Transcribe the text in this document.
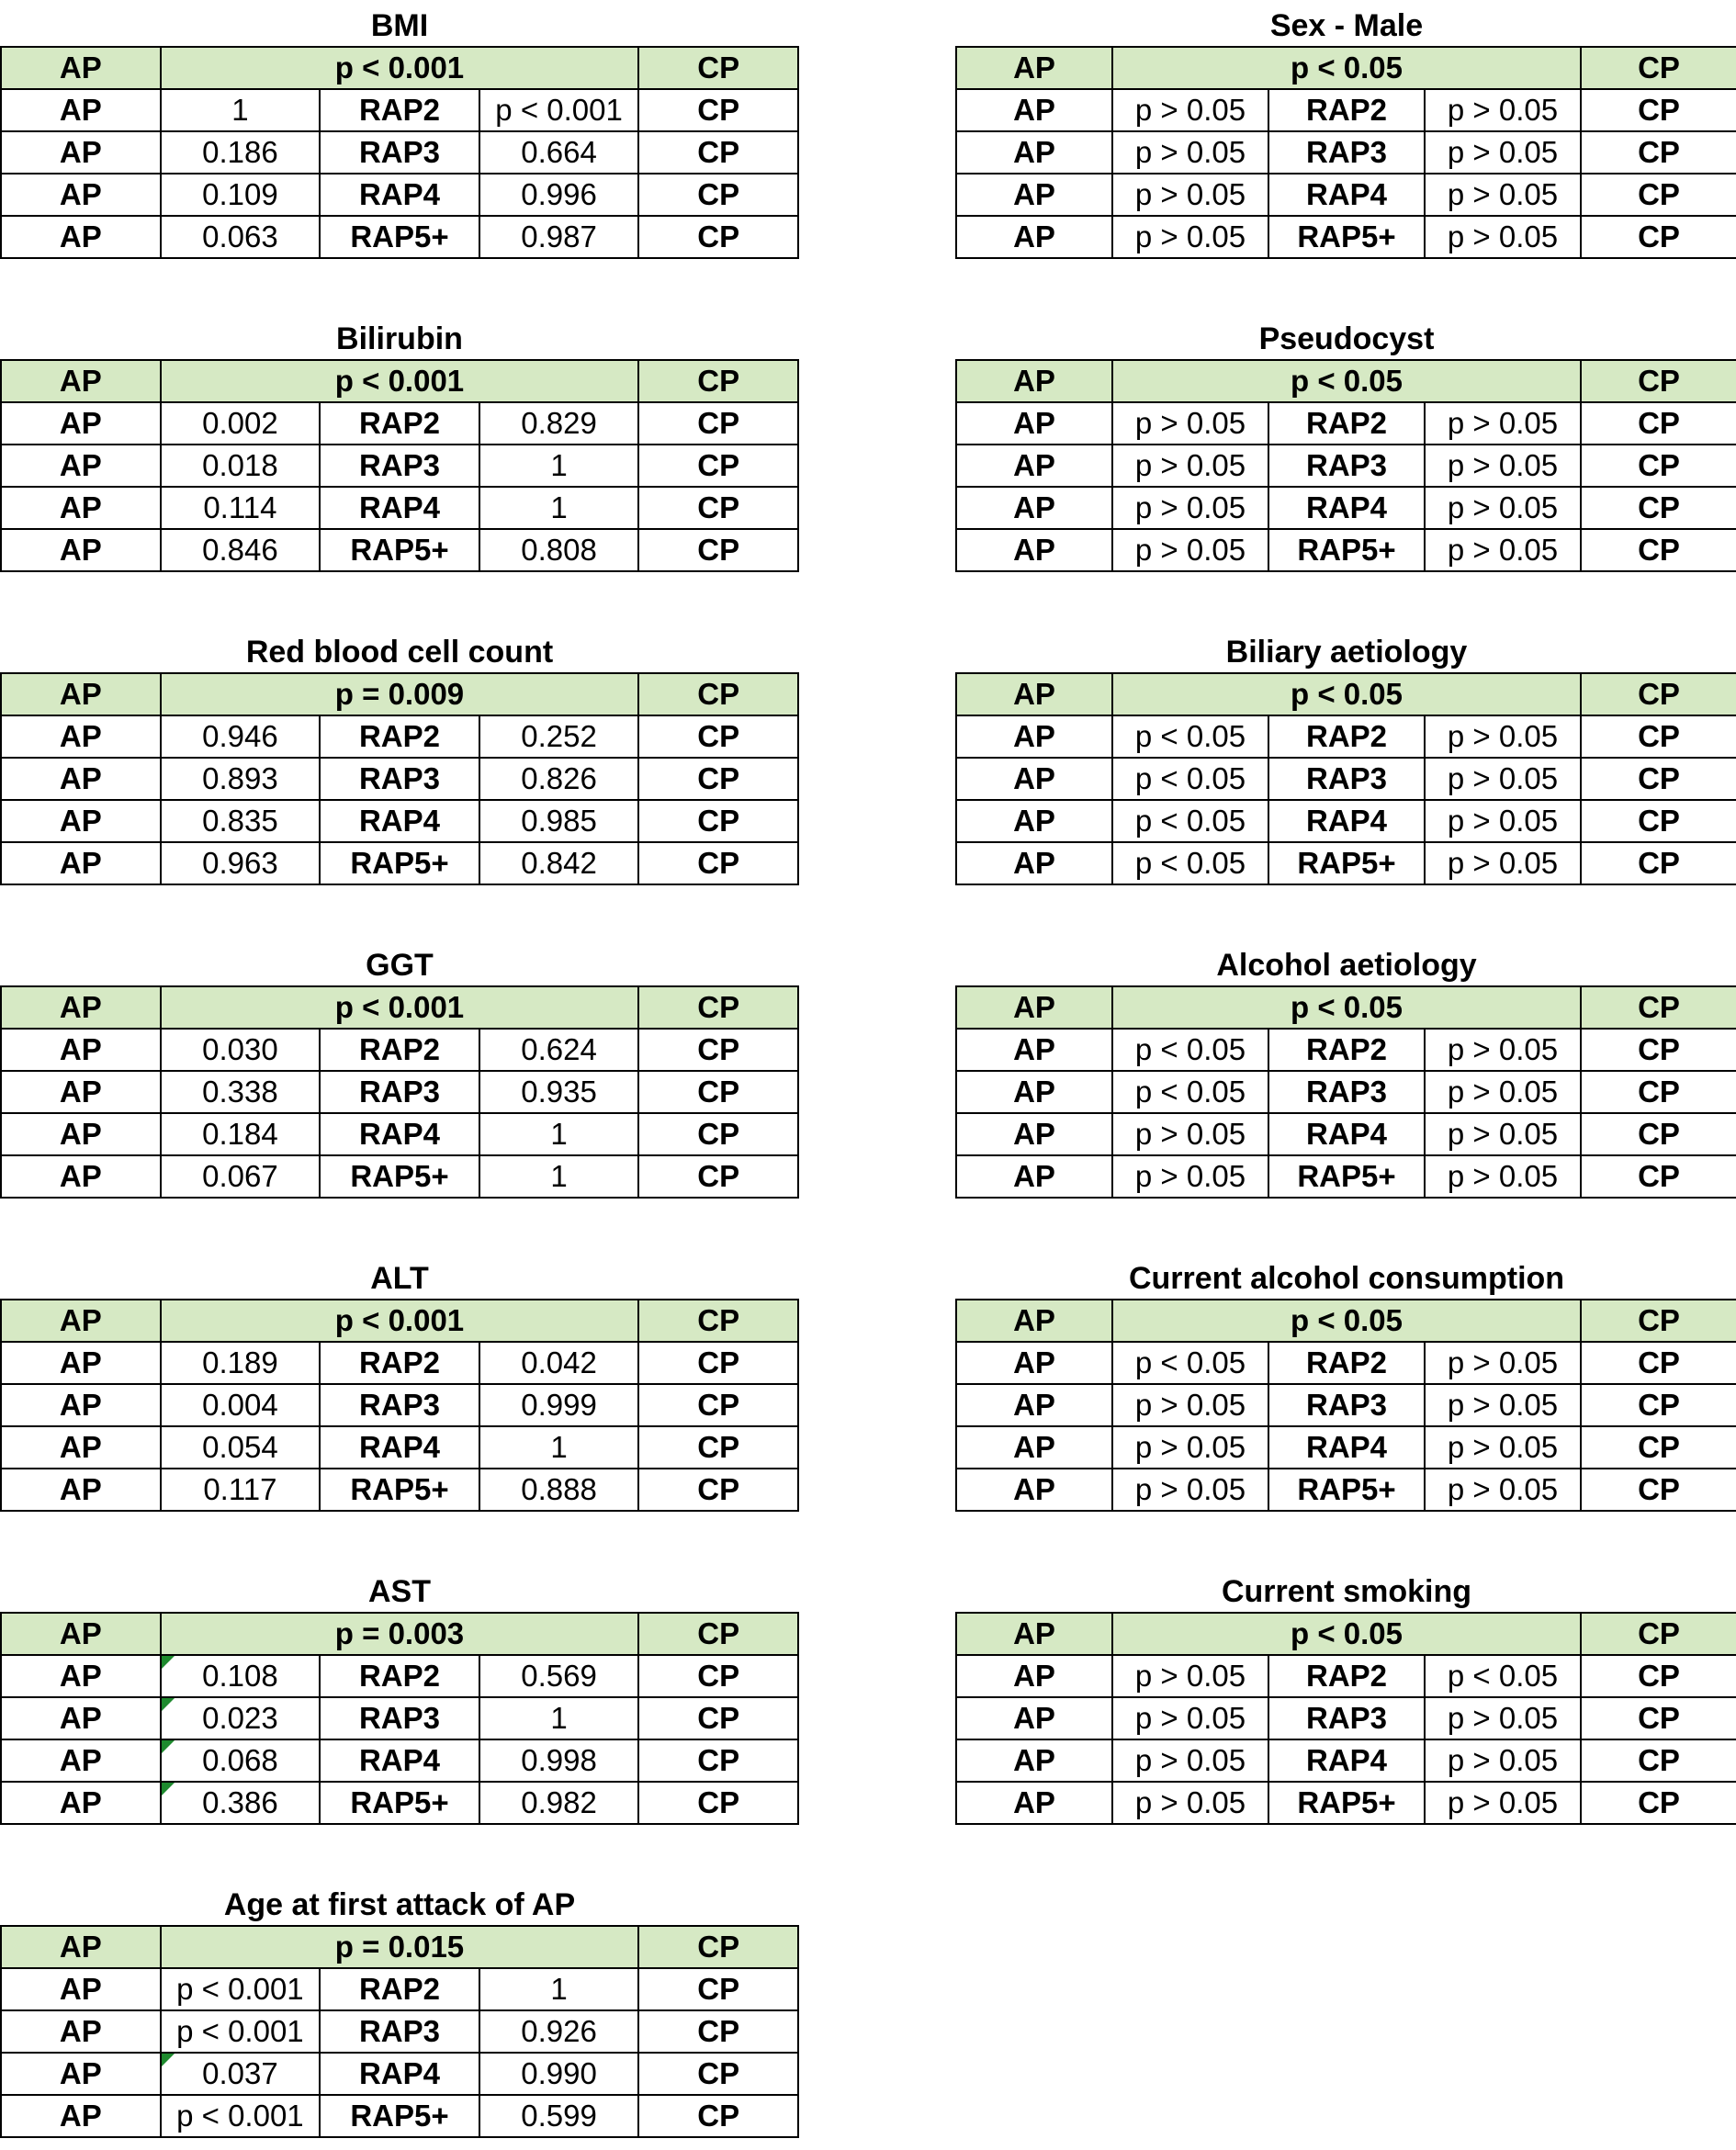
BMI
AP	p < 0.001			CP
AP	1	RAP2	p < 0.001	CP
AP	0.186	RAP3	0.664	CP
AP	0.109	RAP4	0.996	CP
AP	0.063	RAP5+	0.987	CP
Bilirubin
AP	p < 0.001			CP
AP	0.002	RAP2	0.829	CP
AP	0.018	RAP3	1	CP
AP	0.114	RAP4	1	CP
AP	0.846	RAP5+	0.808	CP
Red blood cell count
AP	p = 0.009			CP
AP	0.946	RAP2	0.252	CP
AP	0.893	RAP3	0.826	CP
AP	0.835	RAP4	0.985	CP
AP	0.963	RAP5+	0.842	CP
GGT
AP	p < 0.001			CP
AP	0.030	RAP2	0.624	CP
AP	0.338	RAP3	0.935	CP
AP	0.184	RAP4	1	CP
AP	0.067	RAP5+	1	CP
ALT
AP	p < 0.001			CP
AP	0.189	RAP2	0.042	CP
AP	0.004	RAP3	0.999	CP
AP	0.054	RAP4	1	CP
AP	0.117	RAP5+	0.888	CP
AST
AP	p = 0.003			CP
AP	0.108	RAP2	0.569	CP
AP	0.023	RAP3	1	CP
AP	0.068	RAP4	0.998	CP
AP	0.386	RAP5+	0.982	CP
Age at first attack of AP
AP	p = 0.015			CP
AP	p < 0.001	RAP2	1	CP
AP	p < 0.001	RAP3	0.926	CP
AP	0.037	RAP4	0.990	CP
AP	p < 0.001	RAP5+	0.599	CP
Sex - Male
AP	p < 0.05			CP
AP	p > 0.05	RAP2	p > 0.05	CP
AP	p > 0.05	RAP3	p > 0.05	CP
AP	p > 0.05	RAP4	p > 0.05	CP
AP	p > 0.05	RAP5+	p > 0.05	CP
Pseudocyst
AP	p < 0.05			CP
AP	p > 0.05	RAP2	p > 0.05	CP
AP	p > 0.05	RAP3	p > 0.05	CP
AP	p > 0.05	RAP4	p > 0.05	CP
AP	p > 0.05	RAP5+	p > 0.05	CP
Biliary aetiology
AP	p < 0.05			CP
AP	p < 0.05	RAP2	p > 0.05	CP
AP	p < 0.05	RAP3	p > 0.05	CP
AP	p < 0.05	RAP4	p > 0.05	CP
AP	p < 0.05	RAP5+	p > 0.05	CP
Alcohol aetiology
AP	p < 0.05			CP
AP	p < 0.05	RAP2	p > 0.05	CP
AP	p < 0.05	RAP3	p > 0.05	CP
AP	p > 0.05	RAP4	p > 0.05	CP
AP	p > 0.05	RAP5+	p > 0.05	CP
Current alcohol consumption
AP	p < 0.05			CP
AP	p < 0.05	RAP2	p > 0.05	CP
AP	p > 0.05	RAP3	p > 0.05	CP
AP	p > 0.05	RAP4	p > 0.05	CP
AP	p > 0.05	RAP5+	p > 0.05	CP
Current smoking
AP	p < 0.05			CP
AP	p > 0.05	RAP2	p < 0.05	CP
AP	p > 0.05	RAP3	p > 0.05	CP
AP	p > 0.05	RAP4	p > 0.05	CP
AP	p > 0.05	RAP5+	p > 0.05	CP
